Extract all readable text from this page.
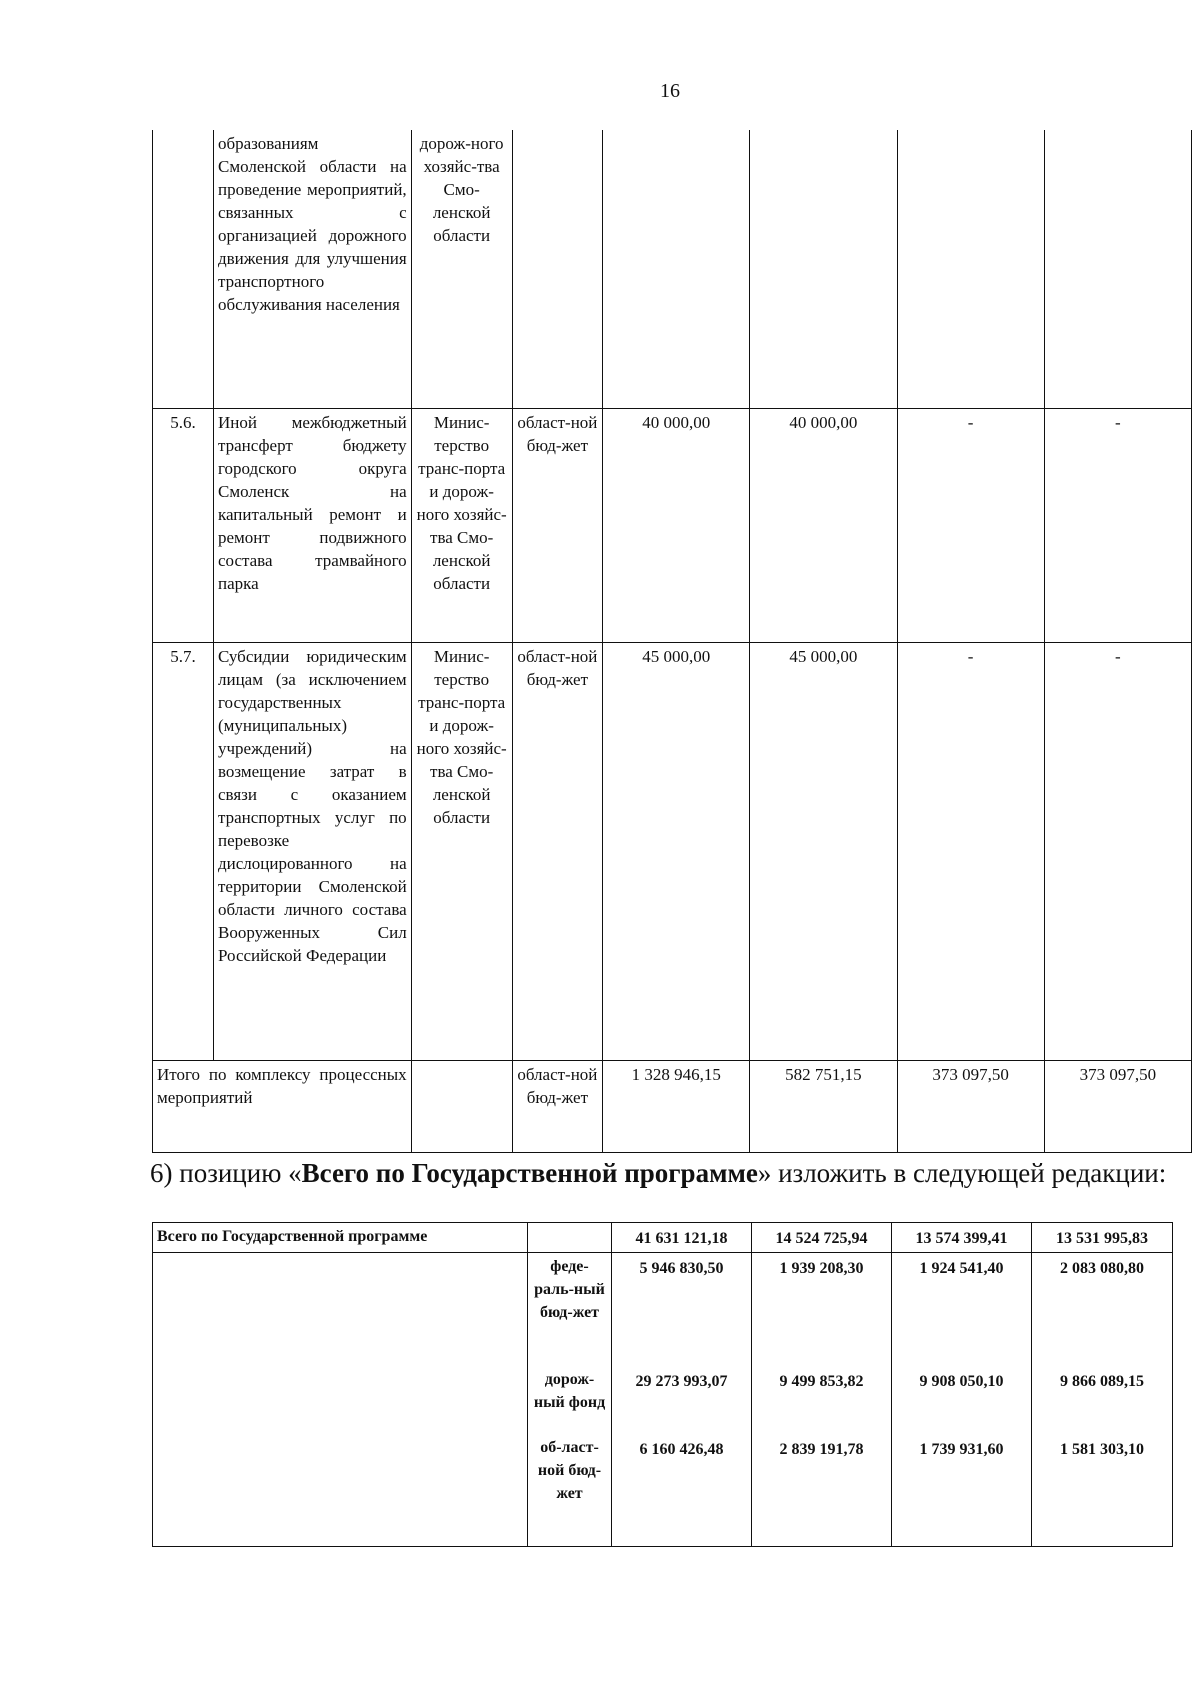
16
	образованиям Смоленской области на проведение мероприятий, связанных с организацией дорожного движения для улучшения транспортного обслуживания населения	дорож-ного хозяйс-тва Смо-ленской области					
5.6.	Иной межбюджетный трансферт бюджету городского округа Смоленск на капитальный ремонт и ремонт подвижного состава трамвайного парка	Минис-терство транс-порта и дорож-ного хозяйс-тва Смо-ленской области	област-ной бюд-жет	40 000,00	40 000,00	-	-
5.7.	Субсидии юридическим лицам (за исключением государственных (муниципальных) учреждений) на возмещение затрат в связи с оказанием транспортных услуг по перевозке дислоцированного на территории Смоленской области личного состава Вооруженных Сил Российской Федерации	Минис-терство транс-порта и дорож-ного хозяйс-тва Смо-ленской области	област-ной бюд-жет	45 000,00	45 000,00	-	-
Итого по комплексу процессных мероприятий			област-ной бюд-жет	1 328 946,15	582 751,15	373 097,50	373 097,50
6) позицию «Всего по Государственной программе» изложить в следующей редакции:
Всего по Государственной программе		41 631 121,18	14 524 725,94	13 574 399,41	13 531 995,83
	феде-раль-ный бюд-жет	5 946 830,50	1 939 208,30	1 924 541,40	2 083 080,80
	дорож-ный фонд	29 273 993,07	9 499 853,82	9 908 050,10	9 866 089,15
	об-ласт-ной бюд-жет	6 160 426,48	2 839 191,78	1 739 931,60	1 581 303,10
